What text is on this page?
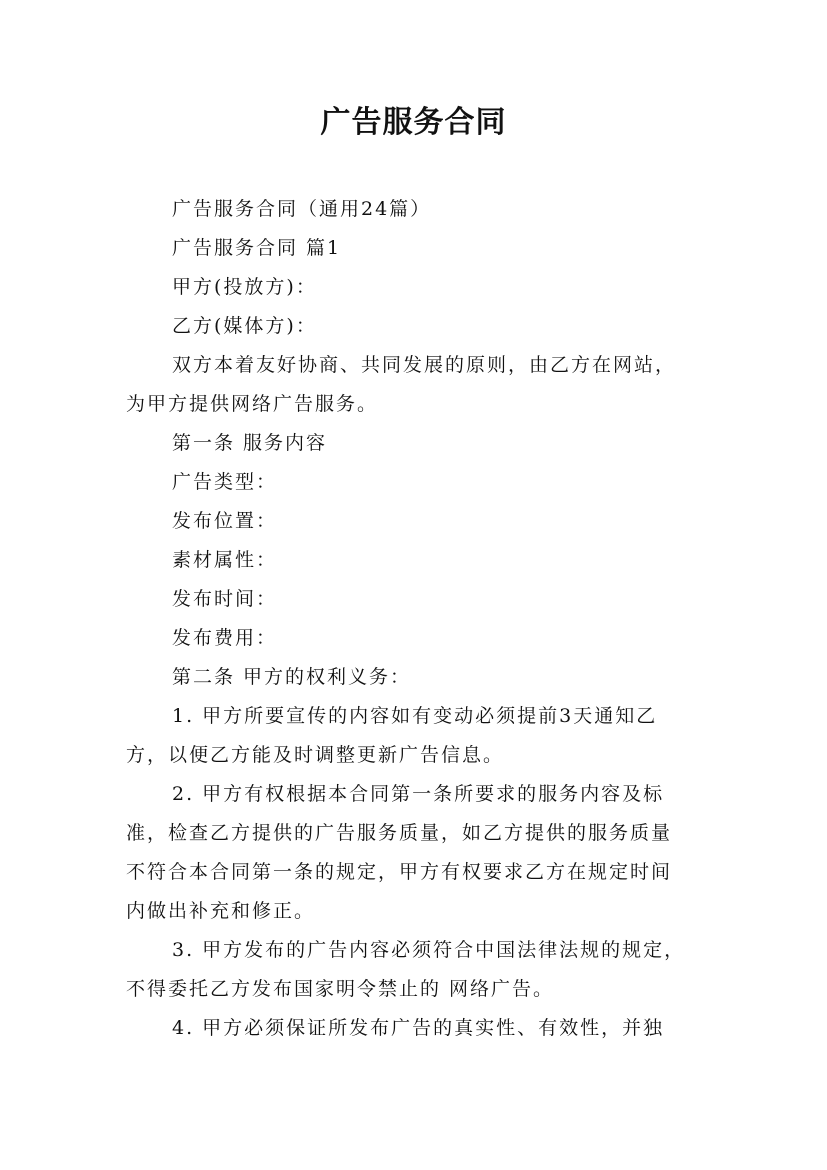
广告服务合同
广告服务合同（通用24篇）
广告服务合同 篇1
甲方(投放方)：
乙方(媒体方)：
双方本着友好协商、共同发展的原则，由乙方在网站，
为甲方提供网络广告服务。
第一条 服务内容
广告类型：
发布位置：
素材属性：
发布时间：
发布费用：
第二条 甲方的权利义务：
1. 甲方所要宣传的内容如有变动必须提前3天通知乙
方，以便乙方能及时调整更新广告信息。
2. 甲方有权根据本合同第一条所要求的服务内容及标
准，检查乙方提供的广告服务质量，如乙方提供的服务质量
不符合本合同第一条的规定，甲方有权要求乙方在规定时间
内做出补充和修正。
3. 甲方发布的广告内容必须符合中国法律法规的规定，
不得委托乙方发布国家明令禁止的 网络广告。
4. 甲方必须保证所发布广告的真实性、有效性，并独
